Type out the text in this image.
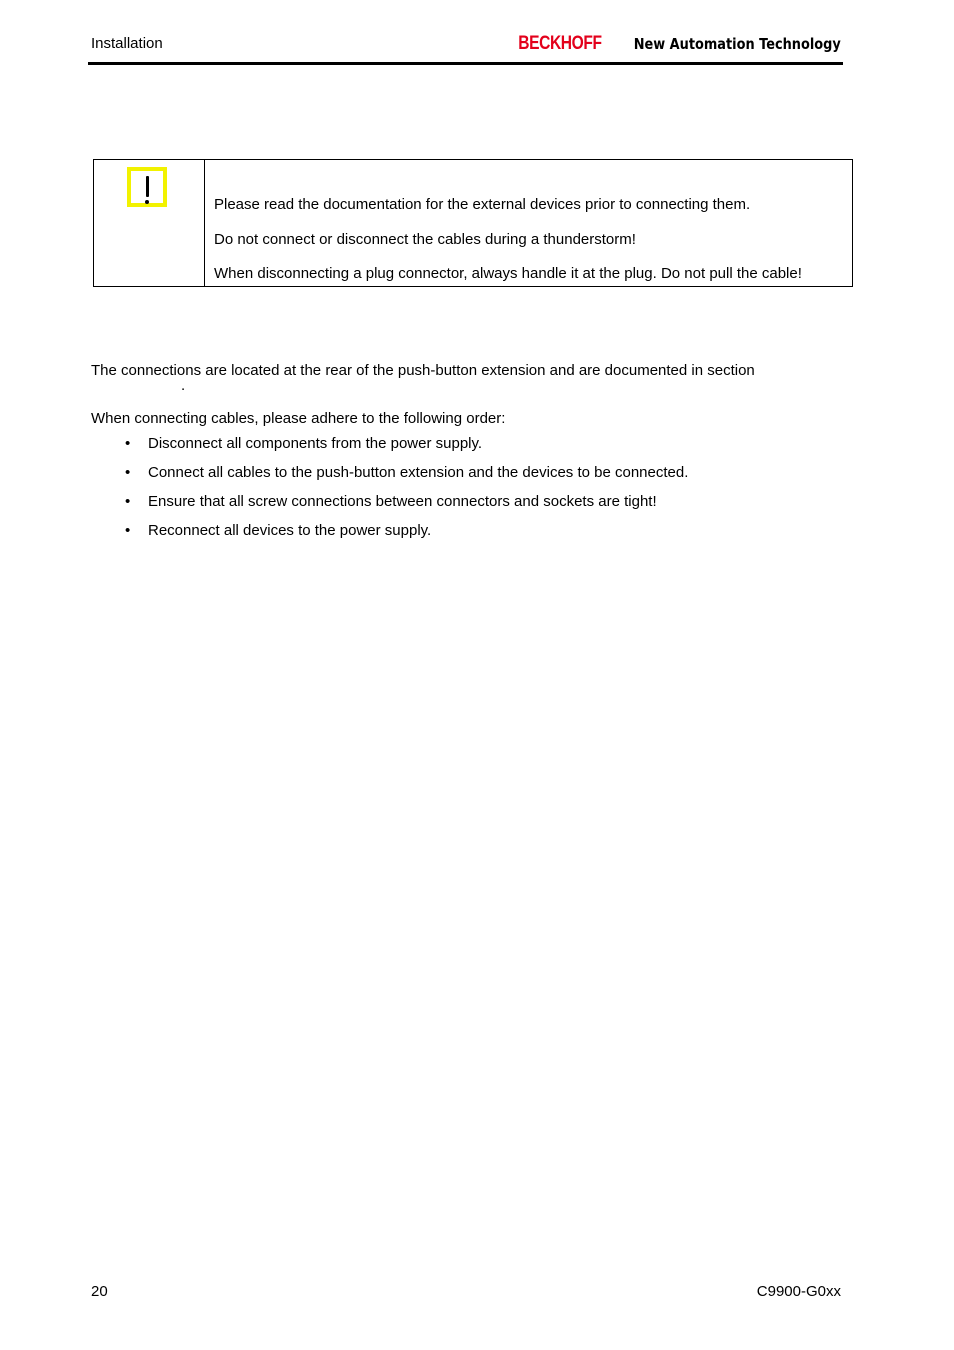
Installation	BECKHOFF New Automation Technology

Please read the documentation for the external devices prior to connecting them.

Do not connect or disconnect the cables during a thunderstorm!

When disconnecting a plug connector, always handle it at the plug. Do not pull the cable!

The connections are located at the rear of the push-button extension and are documented in section
.
When connecting cables, please adhere to the following order:
• Disconnect all components from the power supply.
• Connect all cables to the push-button extension and the devices to be connected.
• Ensure that all screw connections between connectors and sockets are tight!
• Reconnect all devices to the power supply.
20	C9900-G0xx
